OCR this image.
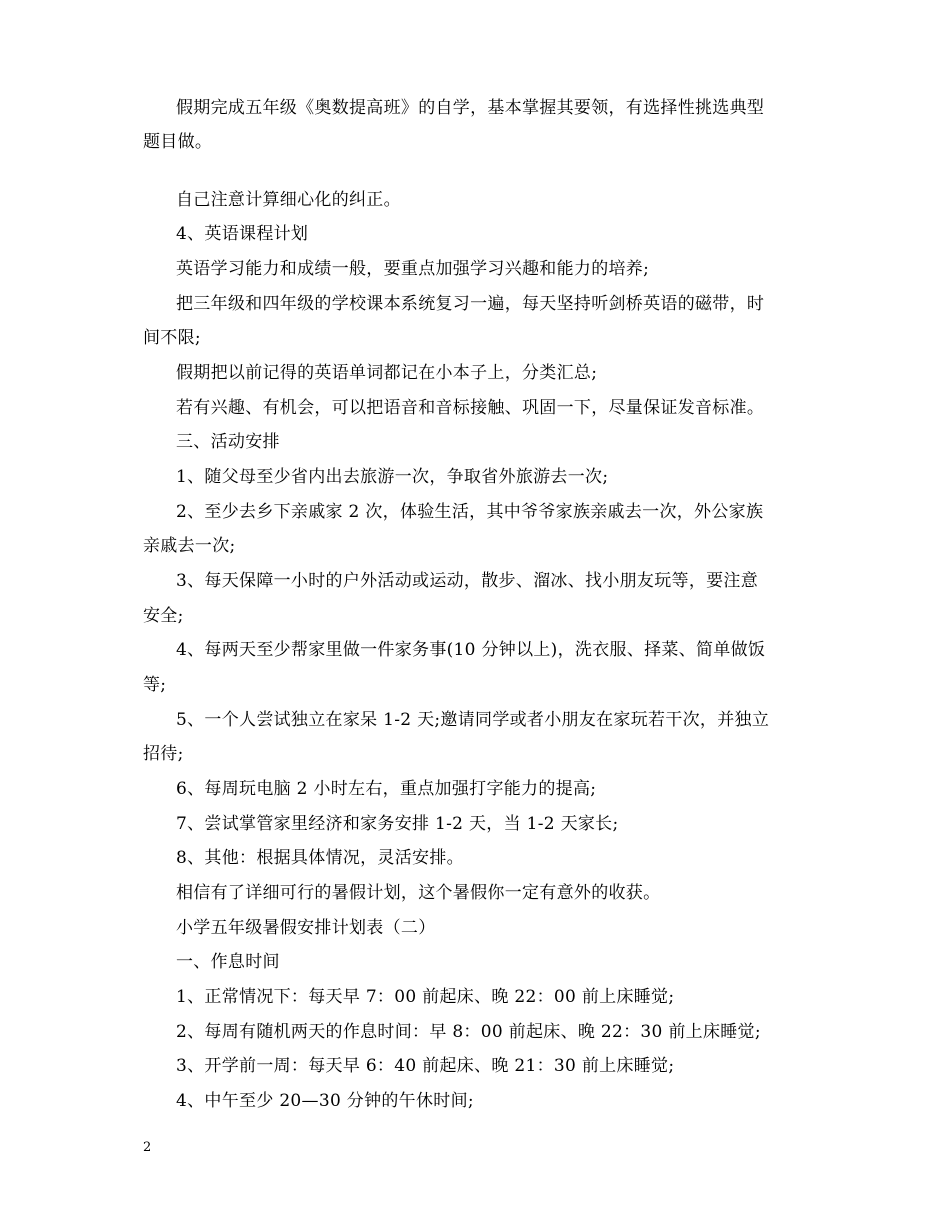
假期完成五年级《奥数提高班》的自学，基本掌握其要领，有选择性挑选典型
题目做。
自己注意计算细心化的纠正。
4、英语课程计划
英语学习能力和成绩一般，要重点加强学习兴趣和能力的培养;
把三年级和四年级的学校课本系统复习一遍，每天坚持听剑桥英语的磁带，时
间不限;
假期把以前记得的英语单词都记在小本子上，分类汇总;
若有兴趣、有机会，可以把语音和音标接触、巩固一下，尽量保证发音标准。
三、活动安排
1、随父母至少省内出去旅游一次，争取省外旅游去一次;
2、至少去乡下亲戚家 2 次，体验生活，其中爷爷家族亲戚去一次，外公家族
亲戚去一次;
3、每天保障一小时的户外活动或运动，散步、溜冰、找小朋友玩等，要注意
安全;
4、每两天至少帮家里做一件家务事(10 分钟以上)，洗衣服、择菜、简单做饭
等;
5、一个人尝试独立在家呆 1-2 天;邀请同学或者小朋友在家玩若干次，并独立
招待;
6、每周玩电脑 2 小时左右，重点加强打字能力的提高;
7、尝试掌管家里经济和家务安排 1-2 天，当 1-2 天家长;
8、其他：根据具体情况，灵活安排。
相信有了详细可行的暑假计划，这个暑假你一定有意外的收获。
小学五年级暑假安排计划表（二）
一、作息时间
1、正常情况下：每天早 7：00 前起床、晚 22：00 前上床睡觉;
2、每周有随机两天的作息时间：早 8：00 前起床、晚 22：30 前上床睡觉;
3、开学前一周：每天早 6：40 前起床、晚 21：30 前上床睡觉;
4、中午至少 20—30 分钟的午休时间;
2
